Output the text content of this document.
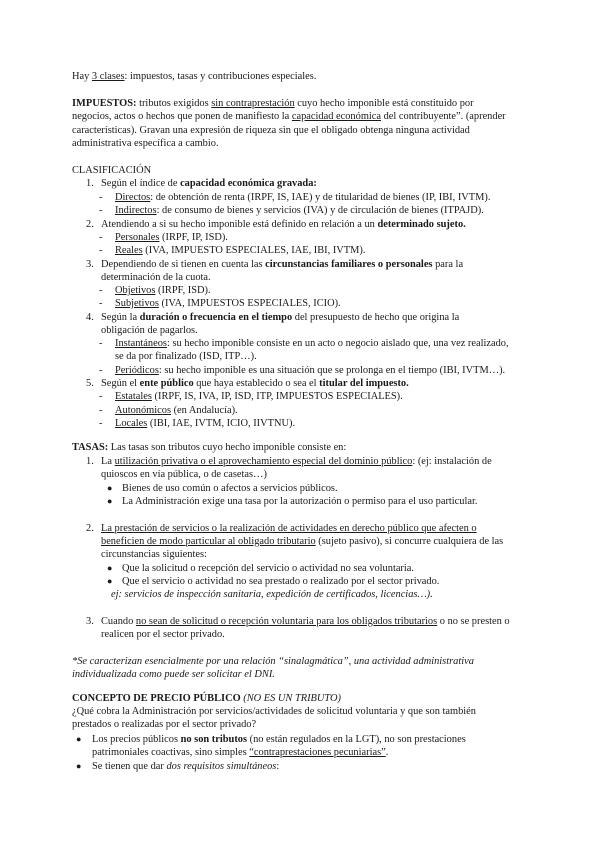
Hay 3 clases: impuestos, tasas y contribuciones especiales.

IMPUESTOS: tributos exigidos sin contraprestación cuyo hecho imponible está constituido por

negocios, actos o hechos que ponen de manifiesto la capacidad económica del contribuyente”. (aprender

características). Gravan una expresión de riqueza sin que el obligado obtenga ninguna actividad

administrativa específica a cambio.

CLASIFICACIÓN

1. Según el índice de capacidad económica gravada:

- Directos: de obtención de renta (IRPF, IS, IAE) y de titularidad de bienes (IP, IBI, IVTM).

- Indirectos: de consumo de bienes y servicios (IVA) y de circulación de bienes (ITPAJD).

2. Atendiendo a si su hecho imponible está definido en relación a un determinado sujeto.

- Personales (IRPF, IP, ISD).

- Reales (IVA, IMPUESTO ESPECIALES, IAE, IBI, IVTM).

3. Dependiendo de si tienen en cuenta las circunstancias familiares o personales para la

determinación de la cuota.

- Objetivos (IRPF, ISD).

- Subjetivos (IVA, IMPUESTOS ESPECIALES, ICIO).

4. Según la duración o frecuencia en el tiempo del presupuesto de hecho que origina la

obligación de pagarlos.

- Instantáneos: su hecho imponible consiste en un acto o negocio aislado que, una vez realizado,

se da por finalizado (ISD, ITP…).

- Periódicos: su hecho imponible es una situación que se prolonga en el tiempo (IBI, IVTM…).

5. Según el ente público que haya establecido o sea el titular del impuesto.

- Estatales (IRPF, IS, IVA, IP, ISD, ITP, IMPUESTOS ESPECIALES).

- Autonómicos (en Andalucía).

- Locales (IBI, IAE, IVTM, ICIO, IIVTNU).

TASAS: Las tasas son tributos cuyo hecho imponible consiste en:

1. La utilización privativa o el aprovechamiento especial del dominio público: (ej: instalación de

quioscos en vía pública, o de casetas…)

● Bienes de uso común o afectos a servicios públicos.

● La Administración exige una tasa por la autorización o permiso para el uso particular.

2. La prestación de servicios o la realización de actividades en derecho público que afecten o

beneficien de modo particular al obligado tributario (sujeto pasivo), si concurre cualquiera de las

circunstancias siguientes:

● Que la solicitud o recepción del servicio o actividad no sea voluntaria.

● Que el servicio o actividad no sea prestado o realizado por el sector privado.

ej: servicios de inspección sanitaria, expedición de certificados, licencias…).

3. Cuando no sean de solicitud o recepción voluntaria para los obligados tributarios o no se presten o

realicen por el sector privado.

*Se caracterizan esencialmente por una relación “sinalagmática”, una actividad administrativa

individualizada como puede ser solicitar el DNI.

CONCEPTO DE PRECIO PÚBLICO (NO ES UN TRIBUTO)

¿Qué cobra la Administración por servicios/actividades de solicitud voluntaria y que son también

prestados o realizadas por el sector privado?

● Los precios públicos no son tributos (no están regulados en la LGT), no son prestaciones

patrimoniales coactivas, sino simples “contraprestaciones pecuniarias”.

● Se tienen que dar dos requisitos simultáneos:
